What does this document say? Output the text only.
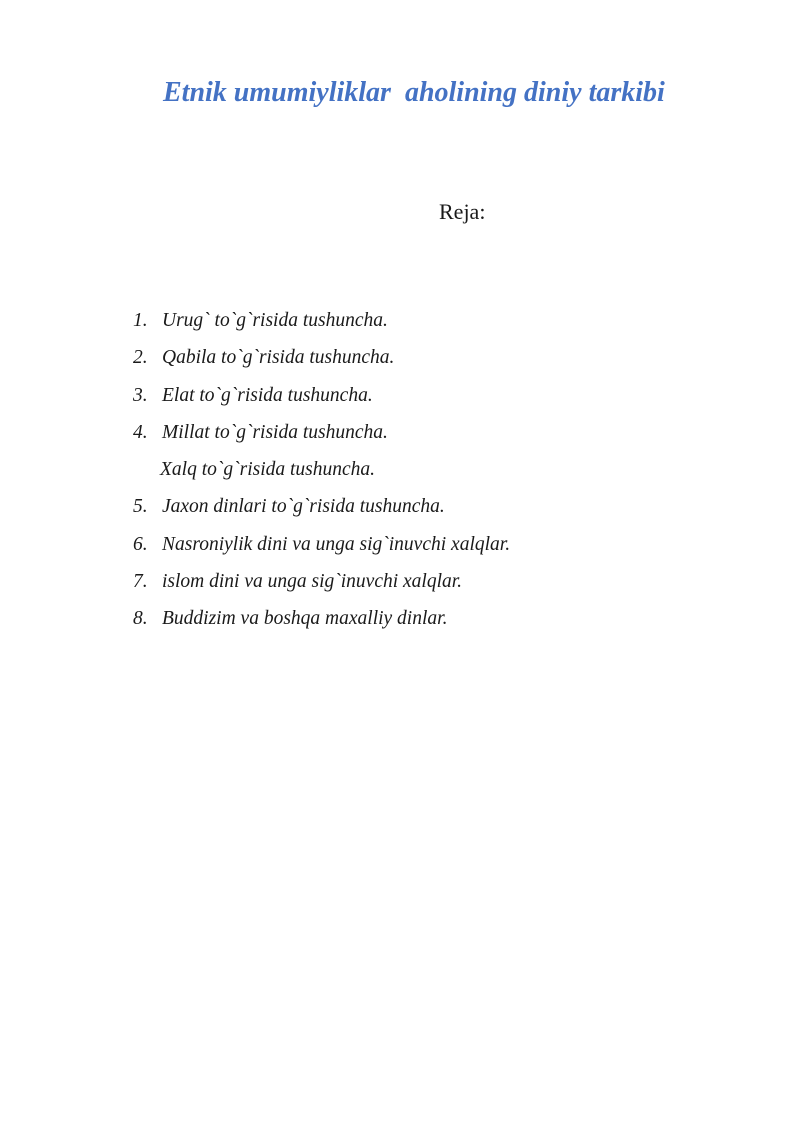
Etnik umumiyliklar  aholining diniy tarkibi
Reja:
1. Urug` to`g`risida tushuncha.
2. Qabila to`g`risida tushuncha.
3. Elat to`g`risida tushuncha.
4. Millat to`g`risida tushuncha.
Xalq to`g`risida tushuncha.
5. Jaxon dinlari to`g`risida tushuncha.
6. Nasroniylik dini va unga sig`inuvchi xalqlar.
7. islom dini va unga sig`inuvchi xalqlar.
8. Buddizim va boshqa maxalliy dinlar.
